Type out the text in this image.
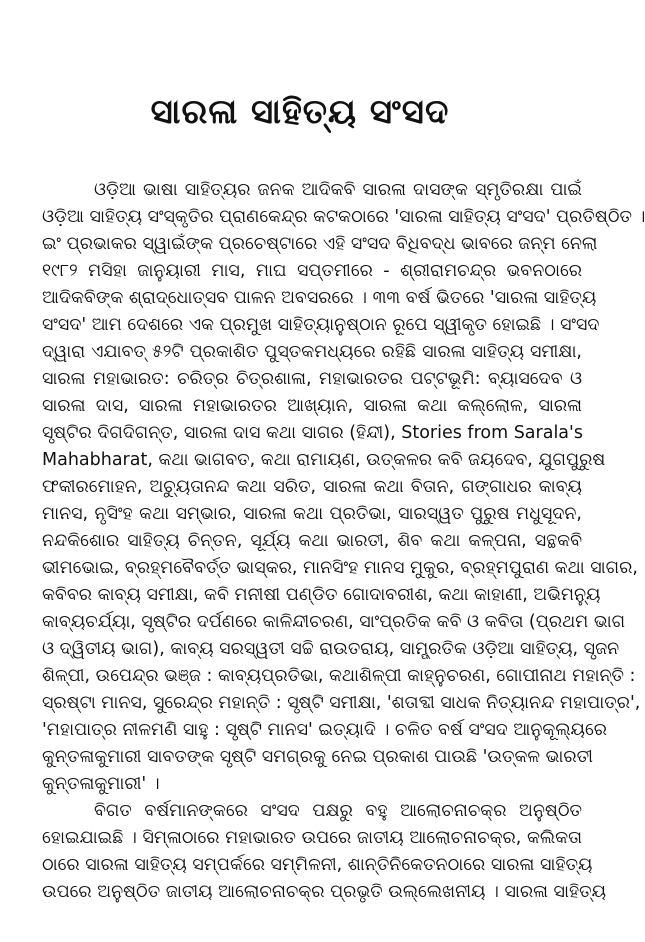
ସାରଳା ସାହିତ୍ୟ ସଂସଦ
ଓଡ଼ିଆ ଭାଷା ସାହିତ୍ୟର ଜନକ ଆଦିକବି ସାରଳା ଦାସଙ୍କ ସ୍ମୃତିରକ୍ଷା ପାଇଁ
ଓଡ଼ିଆ ସାହିତ୍ୟ ସଂସ୍କୃତିର ପ୍ରାଣକେନ୍ଦ୍ର କଟକଠାରେ 'ସାରଳା ସାହିତ୍ୟ ସଂସଦ' ପ୍ରତିଷ୍ଠିତ ।
ଇଂ ପ୍ରଭାକର ସ୍ୱାଇଁଙ୍କ ପ୍ରଚେଷ୍ଟାରେ ଏହି ସଂସଦ ବିଧିବଦ୍ଧ ଭାବରେ ଜନ୍ମ ନେଲା
୧୯୮୨ ମସିହା ଜାନୁୟାରୀ ମାସ, ମାଘ ସପ୍ତମୀରେ - ଶ୍ରୀରାମଚନ୍ଦ୍ର ଭବନଠାରେ
ଆଦିକବିଙ୍କ ଶ୍ରାଦ୍ଧୋତ୍ସବ ପାଳନ ଅବସରରେ । ୩୩ ବର୍ଷ ଭିତରେ 'ସାରଳା ସାହିତ୍ୟ
ସଂସଦ' ଆମ ଦେଶରେ ଏକ ପ୍ରମୁଖ ସାହିତ୍ୟାନୁଷ୍ଠାନ ରୂପେ ସ୍ୱୀକୃତ ହୋଇଛି । ସଂସଦ
ଦ୍ୱାରା ଏଯାବତ୍ ୫୨ଟି ପ୍ରକାଶିତ ପୁସ୍ତକମଧ୍ୟରେ ରହିଛି ସାରଳା ସାହିତ୍ୟ ସମୀକ୍ଷା,
ସାରଳା ମହାଭାରତ: ଚରିତ୍ର ଚିତ୍ରଶାଳା, ମହାଭାରତର ପଟ୍ଟଭୂମି: ବ୍ୟାସଦେବ ଓ
ସାରଳା ଦାସ, ସାରଳା ମହାଭାରତର ଆଖ୍ୟାନ, ସାରଳା କଥା କଲ୍ଲୋଳ, ସାରଳା
ସୃଷ୍ଟିର ଦିଗଦିଗନ୍ତ, ସାରଳା ଦାସ କଥା ସାଗର (ହିନ୍ଦୀ), Stories from Sarala's
Mahabharat, କଥା ଭାଗବତ, କଥା ରାମାୟଣ, ଉତ୍କଳର କବି ଜୟଦେବ, ଯୁଗପୁରୁଷ
ଫକୀରମୋହନ, ଅଚ୍ୟୁତାନନ୍ଦ କଥା ସରିତ, ସାରଳା କଥା ବିତାନ, ଗଙ୍ଗାଧର କାବ୍ୟ
ମାନସ, ନୃସିଂହ କଥା ସମ୍ଭାର, ସାରଳା କଥା ପ୍ରତିଭା, ସାରସ୍ୱତ ପୁରୁଷ ମଧୁସୂଦନ,
ନନ୍ଦକିଶୋର ସାହିତ୍ୟ ଚିନ୍ତନ, ସୂର୍ଯ୍ୟ କଥା ଭାରତୀ, ଶିବ କଥା କଳ୍ପନା, ସନ୍ଥକବି
ଭୀମଭୋଇ, ବ୍ରହ୍ମବୈବର୍ତ୍ତ ଭାସ୍କର, ମାନସିଂହ ମାନସ ମୁକୁର, ବ୍ରହ୍ମପୁରାଣ କଥା ସାଗର,
କବିବର କାବ୍ୟ ସମୀକ୍ଷା, କବି ମନୀଷୀ ପଣ୍ଡିତ ଗୋଦାବରୀଶ, କଥା କାହାଣୀ, ଅଭିମନ୍ୟୁ
କାବ୍ୟଚର୍ଯ୍ୟା, ସୃଷ୍ଟିର ଦର୍ପଣରେ କାଳିନ୍ଦୀଚରଣ, ସାଂପ୍ରତିକ କବି ଓ କବିତା (ପ୍ରଥମ ଭାଗ
ଓ ଦ୍ୱିତୀୟ ଭାଗ), କାବ୍ୟ ସରସ୍ୱତୀ ସଚ୍ଚି ରାଉତରାୟ, ସାମ୍ପ୍ରତିକ ଓଡ଼ିଆ ସାହିତ୍ୟ, ସୃଜନ
ଶିଳ୍ପୀ, ଉପେନ୍ଦ୍ର ଭଞ୍ଜ : କାବ୍ୟପ୍ରତିଭା, କଥାଶିଳ୍ପୀ କାହ୍ନୁଚରଣ, ଗୋପୀନାଥ ମହାନ୍ତି :
ସ୍ରଷ୍ଟା ମାନସ, ସୁରେନ୍ଦ୍ର ମହାନ୍ତି : ସୃଷ୍ଟି ସମୀକ୍ଷା, 'ଶତାବ୍ଦୀ ସାଧକ ନିତ୍ୟାନନ୍ଦ ମହାପାତ୍ର',
'ମହାପାତ୍ର ନୀଳମଣି ସାହୁ : ସୃଷ୍ଟି ମାନସ' ଇତ୍ୟାଦି । ଚଳିତ ବର୍ଷ ସଂସଦ ଆନୁକୂଲ୍ୟରେ
କୁନ୍ତଳାକୁମାରୀ ସାବତଙ୍କ ସୃଷ୍ଟି ସମଗ୍ରକୁ ନେଇ ପ୍ରକାଶ ପାଉଛି 'ଉତ୍କଳ ଭାରତୀ
କୁନ୍ତଳାକୁମାରୀ' ।
ବିଗତ ବର୍ଷମାନଙ୍କରେ ସଂସଦ ପକ୍ଷରୁ ବହୁ ଆଲୋଚନାଚକ୍ର ଅନୁଷ୍ଠିତ
ହୋଇଯାଇଛି । ସିମ୍ଳାଠାରେ ମହାଭାରତ ଉପରେ ଜାତୀୟ ଆଲୋଚନାଚକ୍ର, କଲିକତା
ଠାରେ ସାରଳା ସାହିତ୍ୟ ସମ୍ପର୍କରେ ସମ୍ମିଳନୀ, ଶାନ୍ତିନିକେତନଠାରେ ସାରଳା ସାହିତ୍ୟ
ଉପରେ ଅନୁଷ୍ଠିତ ଜାତୀୟ ଆଲୋଚନାଚକ୍ର ପ୍ରଭୃତି ଉଲ୍ଲେଖନୀୟ । ସାରଳା ସାହିତ୍ୟ
